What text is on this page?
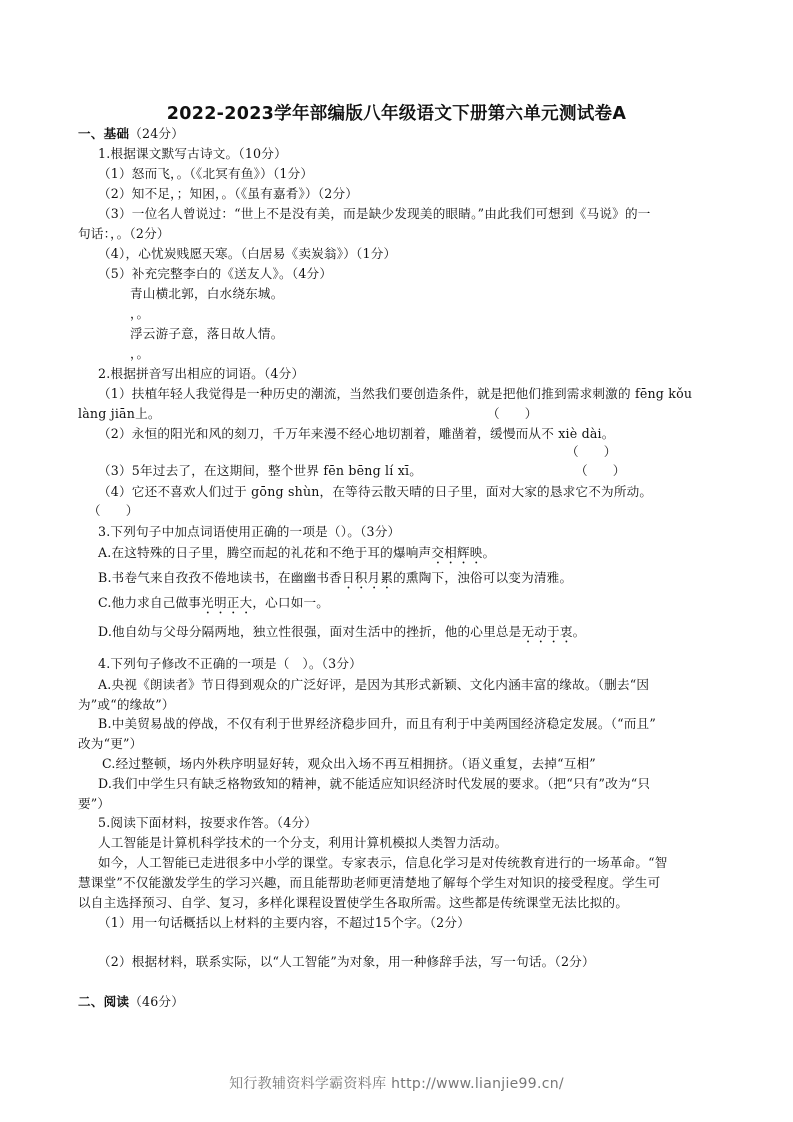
2022-2023学年部编版八年级语文下册第六单元测试卷A
一、基础（24分）
1.根据课文默写古诗文。（10分）
（1）怒而飞，。（《北冥有鱼》）（1分）
（2）知不足，；知困，。（《虽有嘉肴》）（2分）
（3）一位名人曾说过：“世上不是没有美，而是缺少发现美的眼睛。”由此我们可想到《马说》的一
句话：，。（2分）
（4），心忧炭贱愿天寒。（白居易《卖炭翁》）（1分）
（5）补充完整李白的《送友人》。（4分）
青山横北郭，白水绕东城。
，。
浮云游子意，落日故人情。
，。
2.根据拼音写出相应的词语。（4分）
（1）扶植年轻人我觉得是一种历史的潮流，当然我们要创造条件，就是把他们推到需求刺激的 fēng kǒu
làng jiān上。	（　　）
（2）永恒的阳光和风的刻刀，千万年来漫不经心地切割着，雕凿着，缓慢而从不 xiè dài。
（　　）
（3）5年过去了，在这期间，整个世界 fēn bēng lí xī。	（　　）
（4）它还不喜欢人们过于 gōng shùn，在等待云散天晴的日子里，面对大家的恳求它不为所动。
（　　）
3.下列句子中加点词语使用正确的一项是（）。（3分）
A.在这特殊的日子里，腾空而起的礼花和不绝于耳的爆响声交相辉映。
B.书卷气来自孜孜不倦地读书，在幽幽书香日积月累的熏陶下，浊俗可以变为清雅。
C.他力求自己做事光明正大，心口如一。
D.他自幼与父母分隔两地，独立性很强，面对生活中的挫折，他的心里总是无动于衷。
4.下列句子修改不正确的一项是（　）。（3分）
A.央视《朗读者》节日得到观众的广泛好评，是因为其形式新颖、文化内涵丰富的缘故。（删去“因
为”或“的缘故”）
B.中美贸易战的停战，不仅有利于世界经济稳步回升，而且有利于中美两国经济稳定发展。（“而且”
改为“更”）
C.经过整顿，场内外秩序明显好转，观众出入场不再互相拥挤。（语义重复，去掉“互相”
D.我们中学生只有缺乏格物致知的精神，就不能适应知识经济时代发展的要求。（把“只有”改为“只
要”）
5.阅读下面材料，按要求作答。（4分）
人工智能是计算机科学技术的一个分支，利用计算机模拟人类智力活动。
如今，人工智能已走进很多中小学的课堂。专家表示，信息化学习是对传统教育进行的一场革命。“智
慧课堂”不仅能激发学生的学习兴趣，而且能帮助老师更清楚地了解每个学生对知识的接受程度。学生可
以自主选择预习、自学、复习，多样化课程设置使学生各取所需。这些都是传统课堂无法比拟的。
（1）用一句话概括以上材料的主要内容，不超过15个字。（2分）
（2）根据材料，联系实际，以“人工智能”为对象，用一种修辞手法，写一句话。（2分）
二、阅读（46分）
知行教辅资料学霸资料库 http://www.lianjie99.cn/
